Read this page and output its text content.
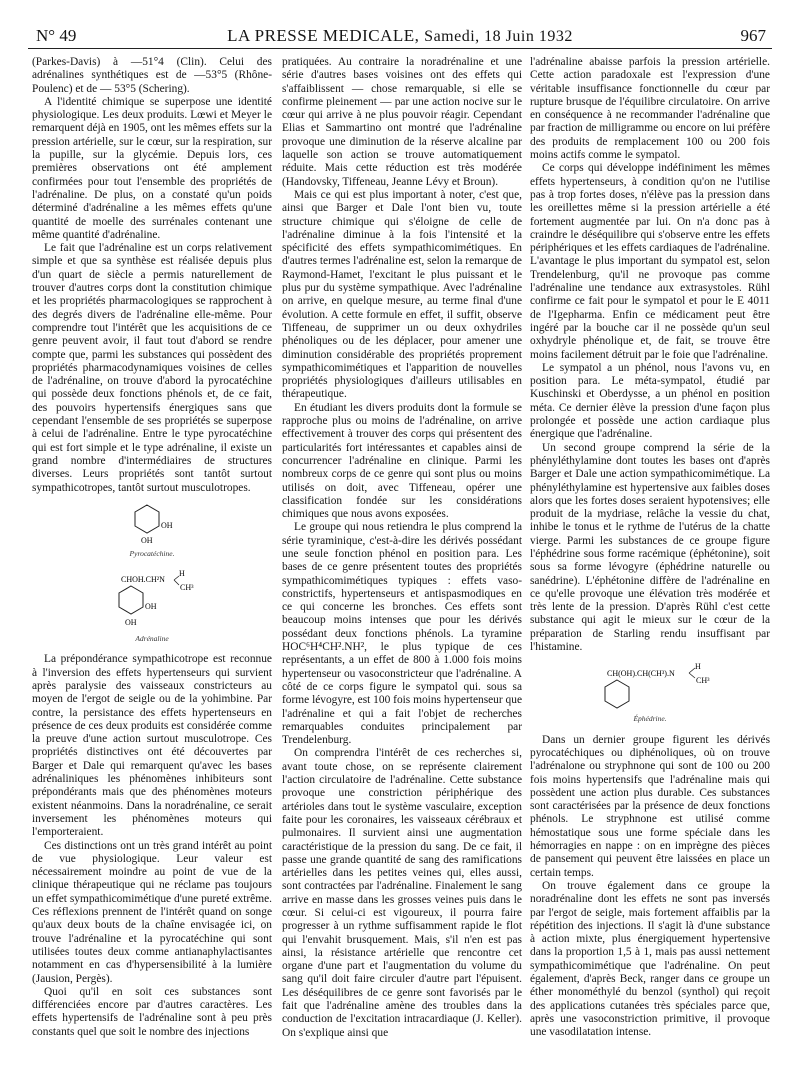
N° 49	LA PRESSE MEDICALE, Samedi, 18 Juin 1932	967

(Parkes-Davis) à —51°4 (Clin). Celui des adrénalines synthétiques est de —53°5 (Rhône-Poulenc) et de — 53°5 (Schering).

A l'identité chimique se superpose une identité physiologique. Les deux produits. Lœwi et Meyer le remarquent déjà en 1905, ont les mêmes effets sur la pression artérielle, sur le cœur, sur la respiration, sur la pupille, sur la glycémie. Depuis lors, ces premières observations ont été amplement confirmées pour tout l'ensemble des propriétés de l'adrénaline. De plus, on a constaté qu'un poids déterminé d'adrénaline a les mêmes effets qu'une quantité de moelle des surrénales contenant une même quantité d'adrénaline.

Le fait que l'adrénaline est un corps relativement simple et que sa synthèse est réalisée depuis plus d'un quart de siècle a permis naturellement de trouver d'autres corps dont la constitution chimique et les propriétés pharmacologiques se rapprochent à des degrés divers de l'adrénaline elle-même. Pour comprendre tout l'intérêt que les acquisitions de ce genre peuvent avoir, il faut tout d'abord se rendre compte que, parmi les substances qui possèdent des propriétés pharmacodynamiques voisines de celles de l'adrénaline, on trouve d'abord la pyrocatéchine qui possède deux fonctions phénols et, de ce fait, des pouvoirs hypertensifs énergiques sans que cependant l'ensemble de ses propriétés se superpose à celui de l'adrénaline. Entre le type pyrocatéchine qui est fort simple et le type adrénaline, il existe un grand nombre d'intermédiaires de structures diverses. Leurs propriétés sont tantôt surtout sympathicotropes, tantôt surtout musculotropes.

OH
OH
Pyrocatéchine.
H
CHOH.CH²N
CH³
OH
OH
Adrénaline

La prépondérance sympathicotrope est reconnue à l'inversion des effets hypertenseurs qui survient après paralysie des vaisseaux constricteurs au moyen de l'ergot de seigle ou de la yohimbine. Par contre, la persistance des effets hypertenseurs en présence de ces deux produits est considérée comme la preuve d'une action surtout musculotrope. Ces propriétés distinctives ont été découvertes par Barger et Dale qui remarquent qu'avec les bases adrénaliniques les phénomènes inhibiteurs sont prépondérants mais que des phénomènes moteurs existent néanmoins. Dans la noradrénaline, ce serait inversement les phénomènes moteurs qui l'emporteraient.

Ces distinctions ont un très grand intérêt au point de vue physiologique. Leur valeur est nécessairement moindre au point de vue de la clinique thérapeutique qui ne réclame pas toujours un effet sympathicomimétique d'une pureté extrême. Ces réflexions prennent de l'intérêt quand on songe qu'aux deux bouts de la chaîne envisagée ici, on trouve l'adrénaline et la pyrocatéchine qui sont utilisées toutes deux comme antianaphylactisantes notamment en cas d'hypersensibilité à la lumière (Jausion, Pergès).

Quoi qu'il en soit ces substances sont différenciées encore par d'autres caractères. Les effets hypertensifs de l'adrénaline sont à peu près constants quel que soit le nombre des injections

pratiquées. Au contraire la noradrénaline et une série d'autres bases voisines ont des effets qui s'affaiblissent — chose remarquable, si elle se confirme pleinement — par une action nocive sur le cœur qui arrive à ne plus pouvoir réagir. Cependant Elias et Sammartino ont montré que l'adrénaline provoque une diminution de la réserve alcaline par laquelle son action se trouve automatiquement réduite. Mais cette réduction est très modérée (Handovsky, Tiffeneau, Jeanne Lévy et Broun).

Mais ce qui est plus important à noter, c'est que, ainsi que Barger et Dale l'ont bien vu, toute structure chimique qui s'éloigne de celle de l'adrénaline diminue à la fois l'intensité et la spécificité des effets sympathicomimétiques. En d'autres termes l'adrénaline est, selon la remarque de Raymond-Hamet, l'excitant le plus puissant et le plus pur du système sympathique. Avec l'adrénaline on arrive, en quelque mesure, au terme final d'une évolution. A cette formule en effet, il suffit, observe Tiffeneau, de supprimer un ou deux oxhydriles phénoliques ou de les déplacer, pour amener une diminution considérable des propriétés proprement sympathicomimétiques et l'apparition de nouvelles propriétés physiologiques d'ailleurs utilisables en thérapeutique.

En étudiant les divers produits dont la formule se rapproche plus ou moins de l'adrénaline, on arrive effectivement à trouver des corps qui présentent des particularités fort intéressantes et capables ainsi de concurrencer l'adrénaline en clinique. Parmi les nombreux corps de ce genre qui sont plus ou moins utilisés on doit, avec Tiffeneau, opérer une classification fondée sur les considérations chimiques que nous avons exposées.

Le groupe qui nous retiendra le plus comprend la série tyraminique, c'est-à-dire les dérivés possédant une seule fonction phénol en position para. Les bases de ce genre présentent toutes des propriétés sympathicomimétiques typiques : effets vaso-constrictifs, hypertenseurs et antispasmodiques en ce qui concerne les bronches. Ces effets sont beaucoup moins intenses que pour les dérivés possédant deux fonctions phénols. La tyramine HOC⁶H⁴CH².NH², le plus typique de ces représentants, a un effet de 800 à 1.000 fois moins hypertenseur ou vasoconstricteur que l'adrénaline. A côté de ce corps figure le sympatol qui. sous sa forme lévogyre, est 100 fois moins hypertenseur que l'adrénaline et qui a fait l'objet de recherches remarquables conduites principalement par Trendelenburg.

On comprendra l'intérêt de ces recherches si, avant toute chose, on se représente clairement l'action circulatoire de l'adrénaline. Cette substance provoque une constriction périphérique des artérioles dans tout le système vasculaire, exception faite pour les coronaires, les vaisseaux cérébraux et pulmonaires. Il survient ainsi une augmentation caractéristique de la pression du sang. De ce fait, il passe une grande quantité de sang des ramifications artérielles dans les petites veines qui, elles aussi, sont contractées par l'adrénaline. Finalement le sang arrive en masse dans les grosses veines puis dans le cœur. Si celui-ci est vigoureux, il pourra faire progresser à un rythme suffisamment rapide le flot qui l'envahit brusquement. Mais, s'il n'en est pas ainsi, la résistance artérielle que rencontre cet organe d'une part et l'augmentation du volume du sang qu'il doit faire circuler d'autre part l'épuisent. Les déséquilibres de ce genre sont favorisés par le fait que l'adrénaline amène des troubles dans la conduction de l'excitation intracardiaque (J. Keller). On s'explique ainsi que

l'adrénaline abaisse parfois la pression artérielle. Cette action paradoxale est l'expression d'une véritable insuffisance fonctionnelle du cœur par rupture brusque de l'équilibre circulatoire. On arrive en conséquence à ne recommander l'adrénaline que par fraction de milligramme ou encore on lui préfère des produits de remplacement 100 ou 200 fois moins actifs comme le sympatol.

Ce corps qui développe indéfiniment les mêmes effets hypertenseurs, à condition qu'on ne l'utilise pas à trop fortes doses, n'élève pas la pression dans les oreillettes même si la pression artérielle a été fortement augmentée par lui. On n'a donc pas à craindre le déséquilibre qui s'observe entre les effets périphériques et les effets cardiaques de l'adrénaline. L'avantage le plus important du sympatol est, selon Trendelenburg, qu'il ne provoque pas comme l'adrénaline une tendance aux extrasystoles. Rühl confirme ce fait pour le sympatol et pour le E 4011 de l'Igepharma. Enfin ce médicament peut être ingéré par la bouche car il ne possède qu'un seul oxhydryle phénolique et, de fait, se trouve être moins facilement détruit par le foie que l'adrénaline.

Le sympatol a un phénol, nous l'avons vu, en position para. Le méta-sympatol, étudié par Kuschinski et Oberdysse, a un phénol en position méta. Ce dernier élève la pression d'une façon plus prolongée et possède une action cardiaque plus énergique que l'adrénaline.

Un second groupe comprend la série de la phényléthylamine dont toutes les bases ont d'après Barger et Dale une action sympathicomimétique. La phényléthylamine est hypertensive aux faibles doses alors que les fortes doses seraient hypotensives; elle produit de la mydriase, relâche la vessie du chat, inhibe le tonus et le rythme de l'utérus de la chatte vierge. Parmi les substances de ce groupe figure l'éphédrine sous forme racémique (éphétonine), soit sous sa forme lévogyre (éphédrine naturelle ou sanédrine). L'éphétonine diffère de l'adrénaline en ce qu'elle provoque une élévation très modérée et très lente de la pression. D'après Rühl c'est cette substance qui agit le mieux sur le cœur de la préparation de Starling rendu insuffisant par l'histamine.

H
CH(OH).CH(CH³).N
CH³
Éphédrine.

Dans un dernier groupe figurent les dérivés pyrocatéchiques ou diphénoliques, où on trouve l'adrénalone ou stryphnone qui sont de 100 ou 200 fois moins hypertensifs que l'adrénaline mais qui possèdent une action plus durable. Ces substances sont caractérisées par la présence de deux fonctions phénols. Le stryphnone est utilisé comme hémostatique sous une forme spéciale dans les hémorragies en nappe : on en imprègne des pièces de pansement qui peuvent être laissées en place un certain temps.

On trouve également dans ce groupe la noradrénaline dont les effets ne sont pas inversés par l'ergot de seigle, mais fortement affaiblis par la répétition des injections. Il s'agit là d'une substance à action mixte, plus énergiquement hypertensive dans la proportion 1,5 à 1, mais pas aussi nettement sympathicomimétique que l'adrénaline. On peut également, d'après Beck, ranger dans ce groupe un éther monométhylé du benzol (synthol) qui reçoit des applications cutanées très spéciales parce que, après une vasoconstriction primitive, il provoque une vasodilatation intense.
